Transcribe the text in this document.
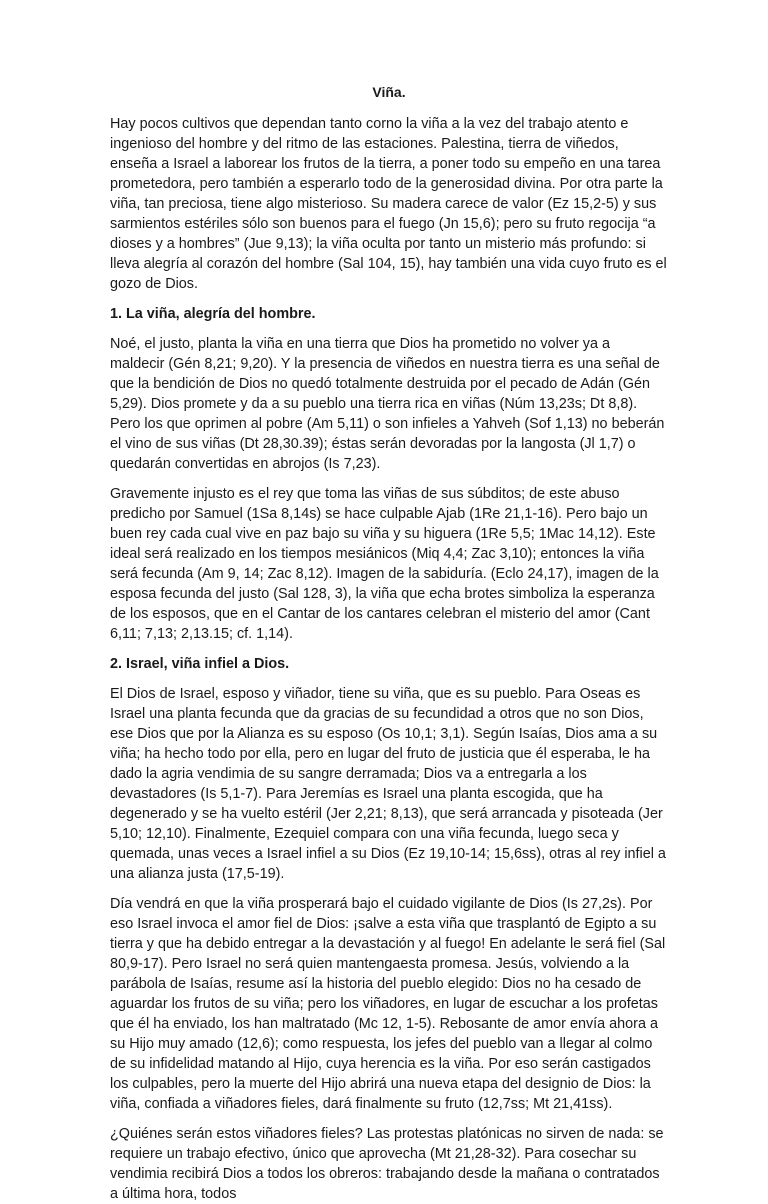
Viña.

Hay pocos cultivos que dependan tanto corno la viña a la vez del trabajo atento e ingenioso del hombre y del ritmo de las estaciones. Palestina, tierra de viñedos, enseña a Israel a laborear los frutos de la tierra, a poner todo su empeño en una tarea prometedora, pero también a esperarlo todo de la generosidad divina. Por otra parte la viña, tan preciosa, tiene algo misterioso. Su madera carece de valor (Ez 15,2-5) y sus sarmientos estériles sólo son buenos para el fuego (Jn 15,6); pero su fruto regocija “a dioses y a hombres” (Jue 9,13); la viña oculta por tanto un misterio más profundo: si lleva alegría al corazón del hombre (Sal 104, 15), hay también una vida cuyo fruto es el gozo de Dios.

1. La viña, alegría del hombre.

Noé, el justo, planta la viña en una tierra que Dios ha prometido no volver ya a maldecir (Gén 8,21; 9,20). Y la presencia de viñedos en nuestra tierra es una señal de que la bendición de Dios no quedó totalmente destruida por el pecado de Adán (Gén 5,29). Dios promete y da a su pueblo una tierra rica en viñas (Núm 13,23s; Dt 8,8). Pero los que oprimen al pobre (Am 5,11) o son infieles a Yahveh (Sof 1,13) no beberán el vino de sus viñas (Dt 28,30.39); éstas serán devoradas por la langosta (Jl 1,7) o quedarán convertidas en abrojos (Is 7,23).

Gravemente injusto es el rey que toma las viñas de sus súbditos; de este abuso predicho por Samuel (1Sa 8,14s) se hace culpable Ajab (1Re 21,1-16). Pero bajo un buen rey cada cual vive en paz bajo su viña y su higuera (1Re 5,5; 1Mac 14,12). Este ideal será realizado en los tiempos mesiánicos (Miq 4,4; Zac 3,10); entonces la viña será fecunda (Am 9, 14; Zac 8,12). Imagen de la sabiduría. (Eclo 24,17), imagen de la esposa fecunda del justo (Sal 128, 3), la viña que echa brotes simboliza la esperanza de los esposos, que en el Cantar de los cantares celebran el misterio del amor (Cant 6,11; 7,13; 2,13.15; cf. 1,14).

2. Israel, viña infiel a Dios.

El Dios de Israel, esposo y viñador, tiene su viña, que es su pueblo. Para Oseas es Israel una planta fecunda que da gracias de su fecundidad a otros que no son Dios, ese Dios que por la Alianza es su esposo (Os 10,1; 3,1). Según Isaías, Dios ama a su viña; ha hecho todo por ella, pero en lugar del fruto de justicia que él esperaba, le ha dado la agria vendimia de su sangre derramada; Dios va a entregarla a los devastadores (Is 5,1-7). Para Jeremías es Israel una planta escogida, que ha degenerado y se ha vuelto estéril (Jer 2,21; 8,13), que será arrancada y pisoteada (Jer 5,10; 12,10). Finalmente, Ezequiel compara con una viña fecunda, luego seca y quemada, unas veces a Israel infiel a su Dios (Ez 19,10-14; 15,6ss), otras al rey infiel a una alianza justa (17,5-19).

Día vendrá en que la viña prosperará bajo el cuidado vigilante de Dios (Is 27,2s). Por eso Israel invoca el amor fiel de Dios: ¡salve a esta viña que trasplantó de Egipto a su tierra y que ha debido entregar a la devastación y al fuego! En adelante le será fiel (Sal 80,9-17). Pero Israel no será quien mantengaesta promesa. Jesús, volviendo a la parábola de Isaías, resume así la historia del pueblo elegido: Dios no ha cesado de aguardar los frutos de su viña; pero los viñadores, en lugar de escuchar a los profetas que él ha enviado, los han maltratado (Mc 12, 1-5). Rebosante de amor envía ahora a su Hijo muy amado (12,6); como respuesta, los jefes del pueblo van a llegar al colmo de su infidelidad matando al Hijo, cuya herencia es la viña. Por eso serán castigados los culpables, pero la muerte del Hijo abrirá una nueva etapa del designio de Dios: la viña, confiada a viñadores fieles, dará finalmente su fruto (12,7ss; Mt 21,41ss).

¿Quiénes serán estos viñadores fieles? Las protestas platónicas no sirven de nada: se requiere un trabajo efectivo, único que aprovecha (Mt 21,28-32). Para cosechar su vendimia recibirá Dios a todos los obreros: trabajando desde la mañana o contratados a última hora, todos
